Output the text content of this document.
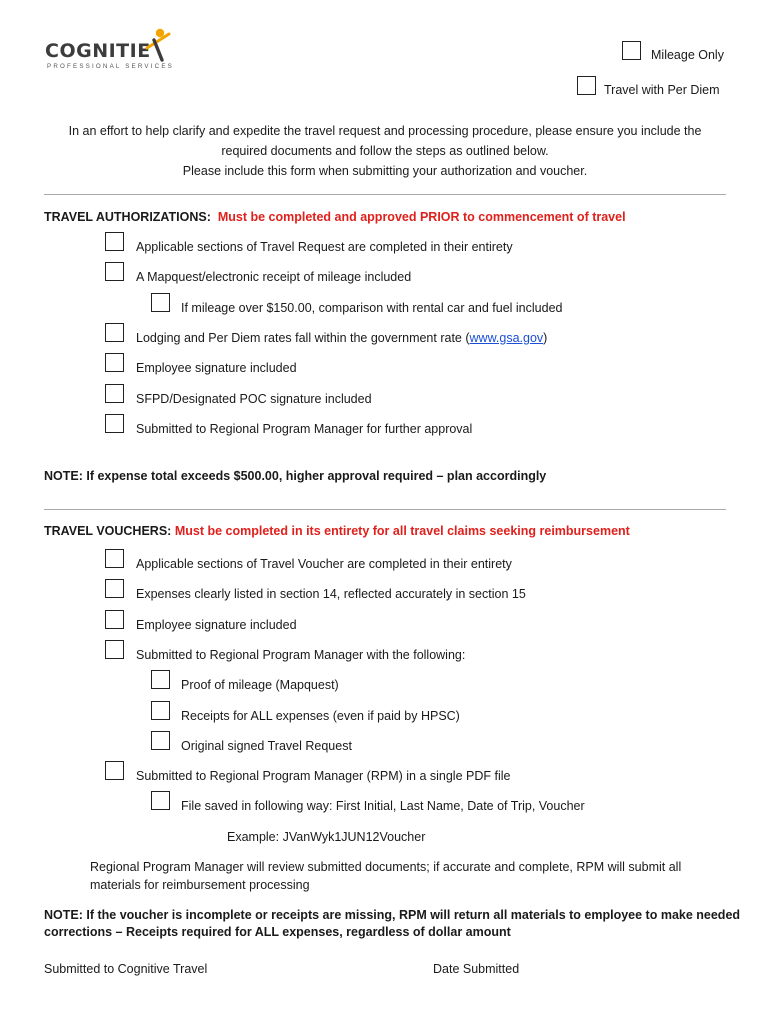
COGNITIE
PROFESSIONAL SERVICES
Mileage Only
Travel with Per Diem
In an effort to help clarify and expedite the travel request and processing procedure, please ensure you include the
required documents and follow the steps as outlined below.
Please include this form when submitting your authorization and voucher.
TRAVEL AUTHORIZATIONS: Must be completed and approved PRIOR to commencement of travel
Applicable sections of Travel Request are completed in their entirety
A Mapquest/electronic receipt of mileage included
If mileage over $150.00, comparison with rental car and fuel included
Lodging and Per Diem rates fall within the government rate (www.gsa.gov)
Employee signature included
SFPD/Designated POC signature included
Submitted to Regional Program Manager for further approval
NOTE: If expense total exceeds $500.00, higher approval required – plan accordingly
TRAVEL VOUCHERS: Must be completed in its entirety for all travel claims seeking reimbursement
Applicable sections of Travel Voucher are completed in their entirety
Expenses clearly listed in section 14, reflected accurately in section 15
Employee signature included
Submitted to Regional Program Manager with the following:
Proof of mileage (Mapquest)
Receipts for ALL expenses (even if paid by HPSC)
Original signed Travel Request
Submitted to Regional Program Manager (RPM) in a single PDF file
File saved in following way: First Initial, Last Name, Date of Trip, Voucher
Example: JVanWyk1JUN12Voucher
Regional Program Manager will review submitted documents; if accurate and complete, RPM will submit all
materials for reimbursement processing
NOTE: If the voucher is incomplete or receipts are missing, RPM will return all materials to employee to make needed
corrections – Receipts required for ALL expenses, regardless of dollar amount
Submitted to Cognitive Travel	Date Submitted
